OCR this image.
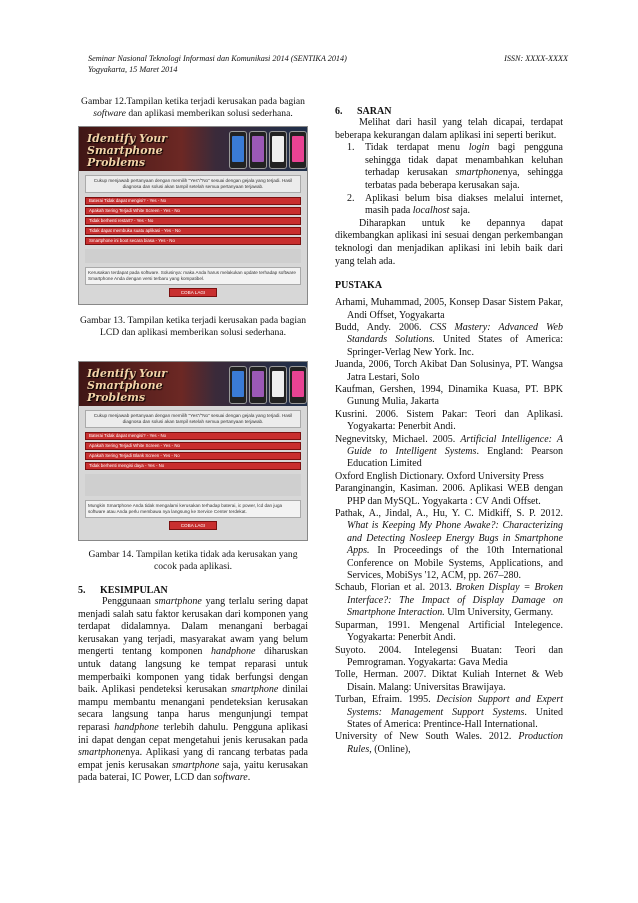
Seminar Nasional Teknologi Informasi dan Komunikasi 2014 (SENTIKA 2014)
Yogyakarta, 15 Maret 2014
ISSN: XXXX-XXXX
Gambar 12.Tampilan ketika terjadi kerusakan pada bagian software dan aplikasi memberikan solusi sederhana.
Identify Your Smartphone Problems
Cukup menjawab pertanyaan dengan memilih "Yes"/"No" sesuai dengan gejala yang terjadi. Hasil diagnosa dan solusi akan tampil setelah semua pertanyaan terjawab.
Baterai Tidak dapat mengisi? - Yes - No
Apakah Sering Terjadi White Screen - Yes - No
Tidak berhenti restart? - Yes - No
Tidak dapat membuka suatu aplikasi - Yes - No
Smartphone ini boot secara biasa - Yes - No
Kerusakan terdapat pada software. Solusinya: maka Anda harus melakukan update terhadap software Smartphone Anda dengan versi terbaru yang kompatibel.
COBA LAGI
Gambar 13. Tampilan ketika terjadi kerusakan pada bagian LCD dan aplikasi memberikan solusi sederhana.
Identify Your Smartphone Problems
Cukup menjawab pertanyaan dengan memilih "Yes"/"No" sesuai dengan gejala yang terjadi. Hasil diagnosa dan solusi akan tampil setelah semua pertanyaan terjawab.
Baterai Tidak dapat mengisi? - Yes - No
Apakah Sering Terjadi White Screen - Yes - No
Apakah Sering Terjadi Blank Screen - Yes - No
Tidak berhenti mengisi daya - Yes - No
Mungkin Smartphone Anda tidak mengalami kerusakan terhadap baterai, ic power, lcd dan juga software atau Anda perlu membawa nya langsung ke Service Center terdekat.
COBA LAGI
Gambar 14. Tampilan ketika tidak ada kerusakan yang cocok pada aplikasi.
5. KESIMPULAN

Penggunaan smartphone yang terlalu sering dapat menjadi salah satu faktor kerusakan dari komponen yang terdapat didalamnya. Dalam menangani berbagai kerusakan yang terjadi, masyarakat awam yang belum mengerti tentang komponen handphone diharuskan untuk datang langsung ke tempat reparasi untuk memperbaiki komponen yang tidak berfungsi dengan baik. Aplikasi pendeteksi kerusakan smartphone dinilai mampu membantu menangani pendeteksian kerusakan secara langsung tanpa harus mengunjungi tempat reparasi handphone terlebih dahulu. Pengguna aplikasi ini dapat dengan cepat mengetahui jenis kerusakan pada smartphonenya. Aplikasi yang di rancang terbatas pada empat jenis kerusakan smartphone saja, yaitu kerusakan pada baterai, IC Power, LCD dan software.

6. SARAN

Melihat dari hasil yang telah dicapai, terdapat beberapa kekurangan dalam aplikasi ini seperti berikut.

1. Tidak terdapat menu login bagi pengguna sehingga tidak dapat menambahkan keluhan terhadap kerusakan smartphonenya, sehingga terbatas pada beberapa kerusakan saja.
2. Aplikasi belum bisa diakses melalui internet, masih pada localhost saja.

Diharapkan untuk ke depannya dapat dikembangkan aplikasi ini sesuai dengan perkembangan teknologi dan menjadikan aplikasi ini lebih baik dari yang telah ada.

PUSTAKA
Arhami, Muhammad, 2005, Konsep Dasar Sistem Pakar, Andi Offset, Yogyakarta
Budd, Andy. 2006. CSS Mastery: Advanced Web Standards Solutions. United States of America: Springer-Verlag New York. Inc.
Juanda, 2006, Torch Akibat Dan Solusinya, PT. Wangsa Jatra Lestari, Solo
Kaufman, Gershen, 1994, Dinamika Kuasa, PT. BPK Gunung Mulia, Jakarta
Kusrini. 2006. Sistem Pakar: Teori dan Aplikasi. Yogyakarta: Penerbit Andi.
Negnevitsky, Michael. 2005. Artificial Intelligence: A Guide to Intelligent Systems. England: Pearson Education Limited
Oxford English Dictionary. Oxford University Press
Paranginangin, Kasiman. 2006. Aplikasi WEB dengan PHP dan MySQL. Yogyakarta : CV Andi Offset.
Pathak, A., Jindal, A., Hu, Y. C. Midkiff, S. P. 2012. What is Keeping My Phone Awake?: Characterizing and Detecting Nosleep Energy Bugs in Smartphone Apps. In Proceedings of the 10th International Conference on Mobile Systems, Applications, and Services, MobiSys '12, ACM, pp. 267–280.
Schaub, Florian et al. 2013. Broken Display = Broken Interface?: The Impact of Display Damage on Smartphone Interaction. Ulm University, Germany.
Suparman, 1991. Mengenal Artificial Intelegence. Yogyakarta: Penerbit Andi.
Suyoto. 2004. Intelegensi Buatan: Teori dan Pemrograman. Yogyakarta: Gava Media
Tolle, Herman. 2007. Diktat Kuliah Internet & Web Disain. Malang: Universitas Brawijaya.
Turban, Efraim. 1995. Decision Support and Expert Systems: Management Support Systems. United States of America: Prentince-Hall International.
University of New South Wales. 2012. Production Rules, (Online),
